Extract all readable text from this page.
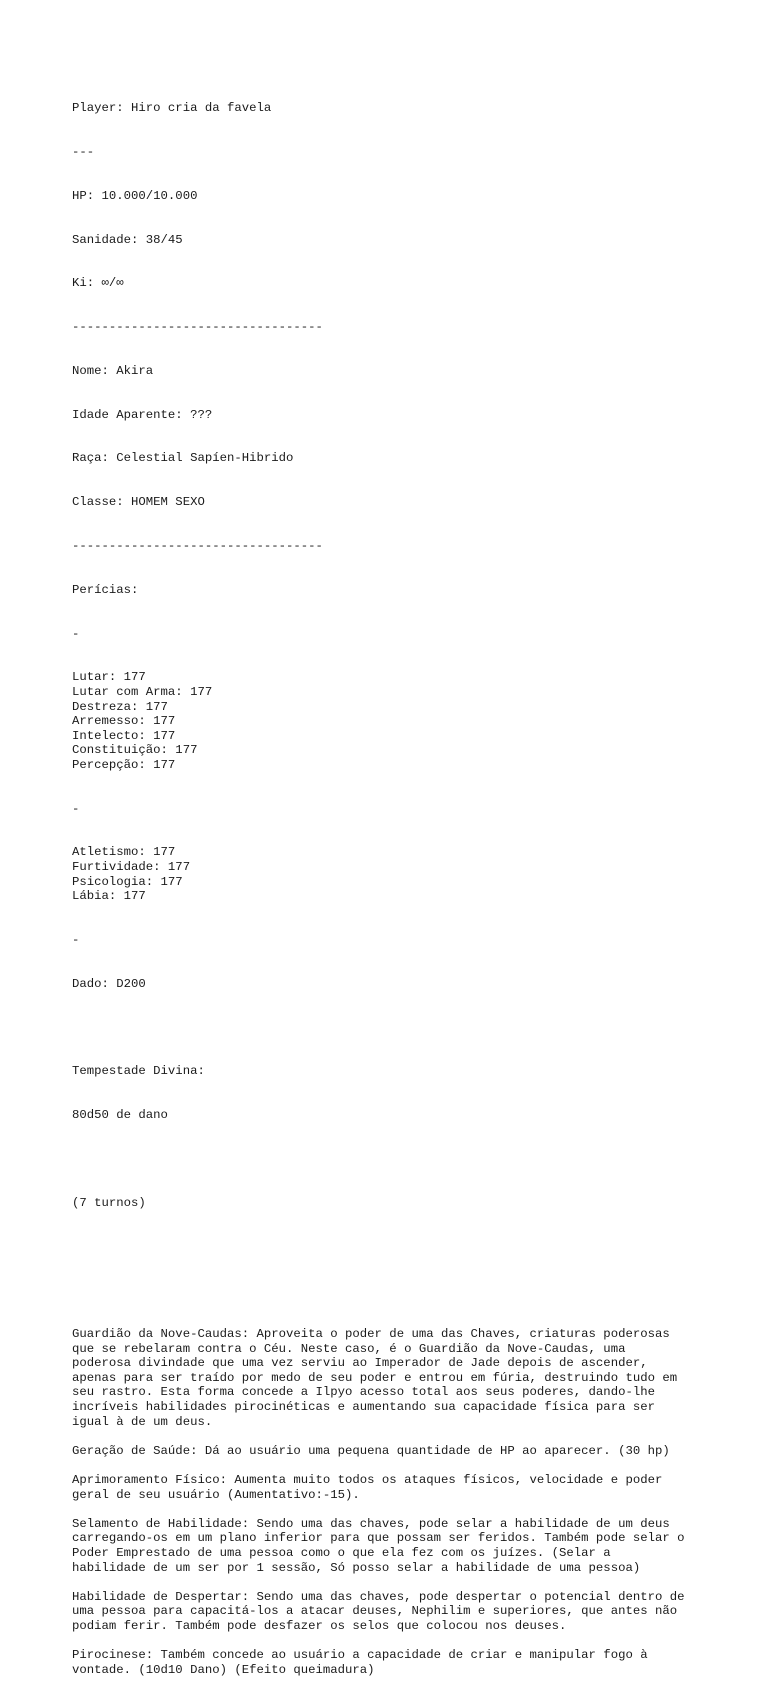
Player: Hiro cria da favela

---

HP: 10.000/10.000

Sanidade: 38/45

Ki: ∞/∞

----------------------------------

Nome: Akira

Idade Aparente: ???

Raça: Celestial Sapíen-Hibrido

Classe: HOMEM SEXO

----------------------------------

Perícias:

-

Lutar: 177
Lutar com Arma: 177
Destreza: 177
Arremesso: 177
Intelecto: 177
Constituição: 177
Percepção: 177

-

Atletismo: 177
Furtividade: 177
Psicologia: 177
Lábia: 177

-

Dado: D200

Tempestade Divina:

80d50 de dano

(7 turnos)

Guardião da Nove-Caudas: Aproveita o poder de uma das Chaves, criaturas poderosas
que se rebelaram contra o Céu. Neste caso, é o Guardião da Nove-Caudas, uma
poderosa divindade que uma vez serviu ao Imperador de Jade depois de ascender,
apenas para ser traído por medo de seu poder e entrou em fúria, destruindo tudo em
seu rastro. Esta forma concede a Ilpyo acesso total aos seus poderes, dando-lhe
incríveis habilidades pirocinéticas e aumentando sua capacidade física para ser
igual à de um deus.
Geração de Saúde: Dá ao usuário uma pequena quantidade de HP ao aparecer. (30 hp)
Aprimoramento Físico: Aumenta muito todos os ataques físicos, velocidade e poder
geral de seu usuário (Aumentativo:-15).
Selamento de Habilidade: Sendo uma das chaves, pode selar a habilidade de um deus
carregando-os em um plano inferior para que possam ser feridos. Também pode selar o
Poder Emprestado de uma pessoa como o que ela fez com os juízes. (Selar a
habilidade de um ser por 1 sessão, Só posso selar a habilidade de uma pessoa)
Habilidade de Despertar: Sendo uma das chaves, pode despertar o potencial dentro de
uma pessoa para capacitá-los a atacar deuses, Nephilim e superiores, que antes não
podiam ferir. Também pode desfazer os selos que colocou nos deuses.
Pirocinese: Também concede ao usuário a capacidade de criar e manipular fogo à
vontade. (10d10 Dano) (Efeito queimadura)
